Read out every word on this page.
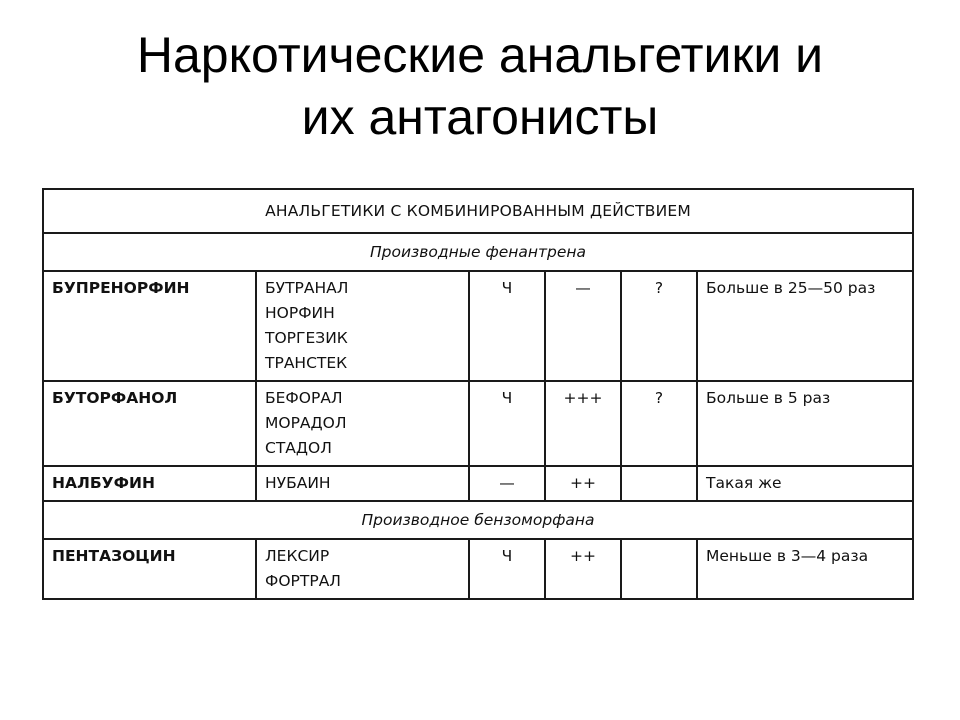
Наркотические анальгетики и
их антагонисты
АНАЛЬГЕТИКИ С КОМБИНИРОВАННЫМ ДЕЙСТВИЕМ					
Производные фенантрена					
БУПРЕНОРФИН	БУТРАНАЛ
НОРФИН
ТОРГЕЗИК
ТРАНСТЕК	Ч	—	?	Больше в 25—50 раз
БУТОРФАНОЛ	БЕФОРАЛ
МОРАДОЛ
СТАДОЛ	Ч	+++	?	Больше в 5 раз
НАЛБУФИН	НУБАИН	—	++		Такая же
Производное бензоморфана					
ПЕНТАЗОЦИН	ЛЕКСИР
ФОРТРАЛ	Ч	++		Меньше в 3—4 раза
